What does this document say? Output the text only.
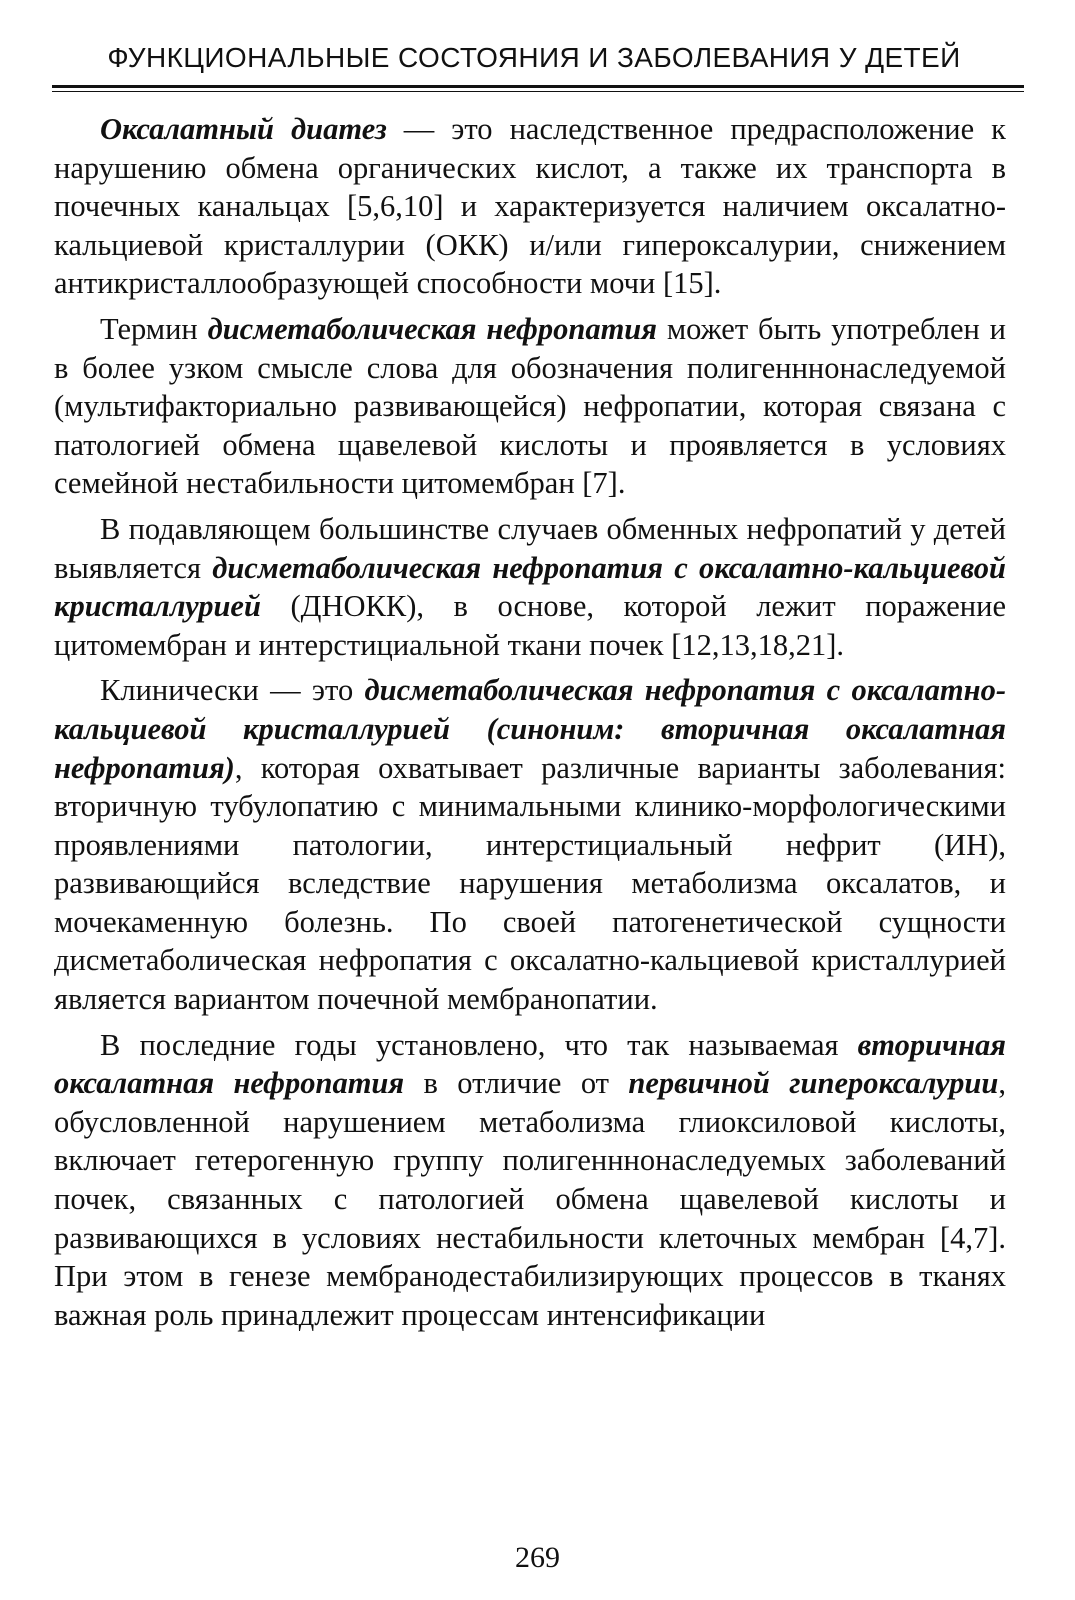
ФУНКЦИОНАЛЬНЫЕ СОСТОЯНИЯ И ЗАБОЛЕВАНИЯ У ДЕТЕЙ

Оксалатный диатез — это наследственное предрасположение к нарушению обмена органических кислот, а также их транспорта в почечных канальцах [5,6,10] и характеризуется наличием оксалатно-кальциевой кристаллурии (ОКК) и/или гипероксалурии, снижением антикристаллообразующей способности мочи [15].

Термин дисметаболическая нефропатия может быть употреблен и в более узком смысле слова для обозначения полигенннонаследуемой (мультифакториально развивающейся) нефропатии, которая связана с патологией обмена щавелевой кислоты и проявляется в условиях семейной нестабильности цитомембран [7].

В подавляющем большинстве случаев обменных нефропатий у детей выявляется дисметаболическая нефропатия с оксалатно-кальциевой кристаллурией (ДНОКК), в основе, которой лежит поражение цитомембран и интерстициальной ткани почек [12,13,18,21].

Клинически — это дисметаболическая нефропатия с оксалатно-кальциевой кристаллурией (синоним: вторичная оксалатная нефропатия), которая охватывает различные варианты заболевания: вторичную тубулопатию с минимальными клинико-морфологическими проявлениями патологии, интерстициальный нефрит (ИН), развивающийся вследствие нарушения метаболизма оксалатов, и мочекаменную болезнь. По своей патогенетической сущности дисметаболическая нефропатия с оксалатно-кальциевой кристаллурией является вариантом почечной мембранопатии.

В последние годы установлено, что так называемая вторичная оксалатная нефропатия в отличие от первичной гипероксалурии, обусловленной нарушением метаболизма глиоксиловой кислоты, включает гетерогенную группу полигенннонаследуемых заболеваний почек, связанных с патологией обмена щавелевой кислоты и развивающихся в условиях нестабильности клеточных мембран [4,7]. При этом в генезе мембранодестабилизирующих процессов в тканях важная роль принадлежит процессам интенсификации

269
